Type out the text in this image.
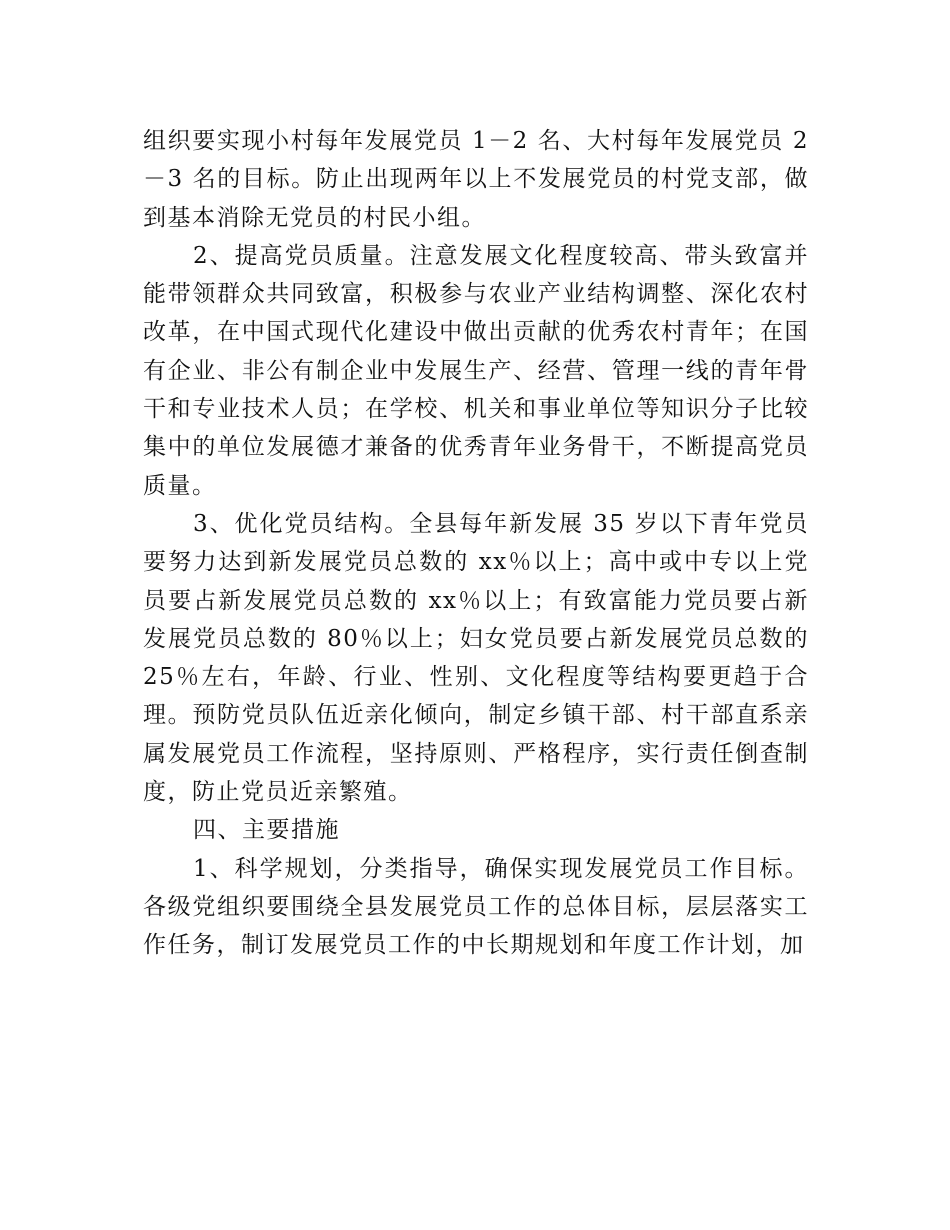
组织要实现小村每年发展党员 1－2 名、大村每年发展党员 2－3 名的目标。防止出现两年以上不发展党员的村党支部，做到基本消除无党员的村民小组。

2、提高党员质量。注意发展文化程度较高、带头致富并能带领群众共同致富，积极参与农业产业结构调整、深化农村改革，在中国式现代化建设中做出贡献的优秀农村青年；在国有企业、非公有制企业中发展生产、经营、管理一线的青年骨干和专业技术人员；在学校、机关和事业单位等知识分子比较集中的单位发展德才兼备的优秀青年业务骨干，不断提高党员质量。

3、优化党员结构。全县每年新发展 35 岁以下青年党员要努力达到新发展党员总数的 xx％以上；高中或中专以上党员要占新发展党员总数的 xx％以上；有致富能力党员要占新发展党员总数的 80％以上；妇女党员要占新发展党员总数的 25％左右，年龄、行业、性别、文化程度等结构要更趋于合理。预防党员队伍近亲化倾向，制定乡镇干部、村干部直系亲属发展党员工作流程，坚持原则、严格程序，实行责任倒查制度，防止党员近亲繁殖。

四、主要措施

1、科学规划，分类指导，确保实现发展党员工作目标。各级党组织要围绕全县发展党员工作的总体目标，层层落实工作任务，制订发展党员工作的中长期规划和年度工作计划，加
